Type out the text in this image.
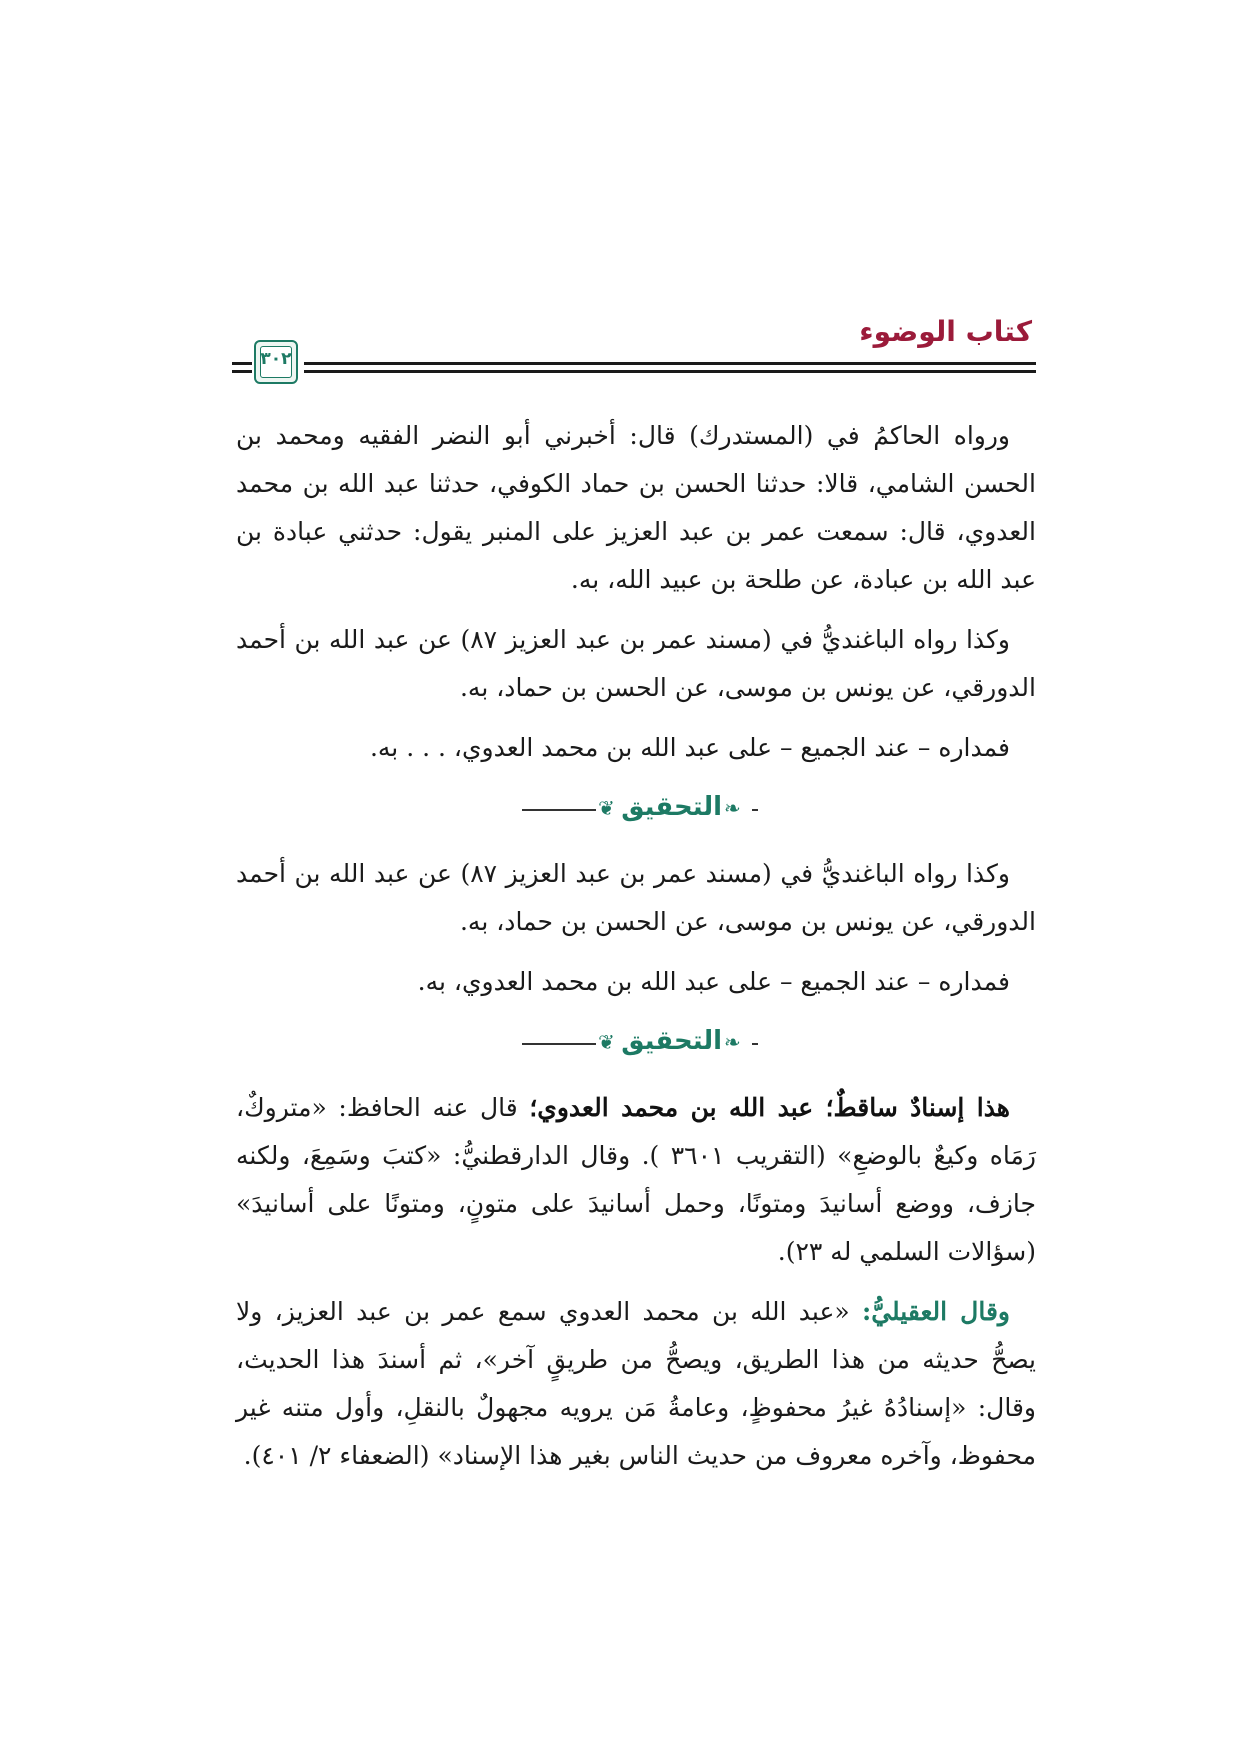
كتاب الوضوء
٣٠٢

ورواه الحاكمُ في (المستدرك) قال: أخبرني أبو النضر الفقيه ومحمد بن الحسن الشامي، قالا: حدثنا الحسن بن حماد الكوفي، حدثنا عبد الله بن محمد العدوي، قال: سمعت عمر بن عبد العزيز على المنبر يقول: حدثني عبادة بن عبد الله بن عبادة، عن طلحة بن عبيد الله، به.

وكذا رواه الباغنديُّ في (مسند عمر بن عبد العزيز ٨٧) عن عبد الله بن أحمد الدورقي، عن يونس بن موسى، عن الحسن بن حماد، به.

فمداره – عند الجميع – على عبد الله بن محمد العدوي، . . . به.

❦ التحقيق ❧

وكذا رواه الباغنديُّ في (مسند عمر بن عبد العزيز ٨٧) عن عبد الله بن أحمد الدورقي، عن يونس بن موسى، عن الحسن بن حماد، به.

فمداره – عند الجميع – على عبد الله بن محمد العدوي، به.

❦ التحقيق ❧

هذا إسنادٌ ساقطٌ؛ عبد الله بن محمد العدوي؛ قال عنه الحافظ: «متروكٌ، رَمَاه وكيعٌ بالوضعِ» (التقريب ٣٦٠١ ). وقال الدارقطنيُّ: «كتبَ وسَمِعَ، ولكنه جازف، ووضع أسانيدَ ومتونًا، وحمل أسانيدَ على متونٍ، ومتونًا على أسانيدَ» (سؤالات السلمي له ٢٣).

وقال العقيليُّ: «عبد الله بن محمد العدوي سمع عمر بن عبد العزيز، ولا يصحُّ حديثه من هذا الطريق، ويصحُّ من طريقٍ آخر»، ثم أسندَ هذا الحديث، وقال: «إسنادُهُ غيرُ محفوظٍ، وعامةُ مَن يرويه مجهولٌ بالنقلِ، وأول متنه غير محفوظ، وآخره معروف من حديث الناس بغير هذا الإسناد» (الضعفاء ٢/ ٤٠١).
